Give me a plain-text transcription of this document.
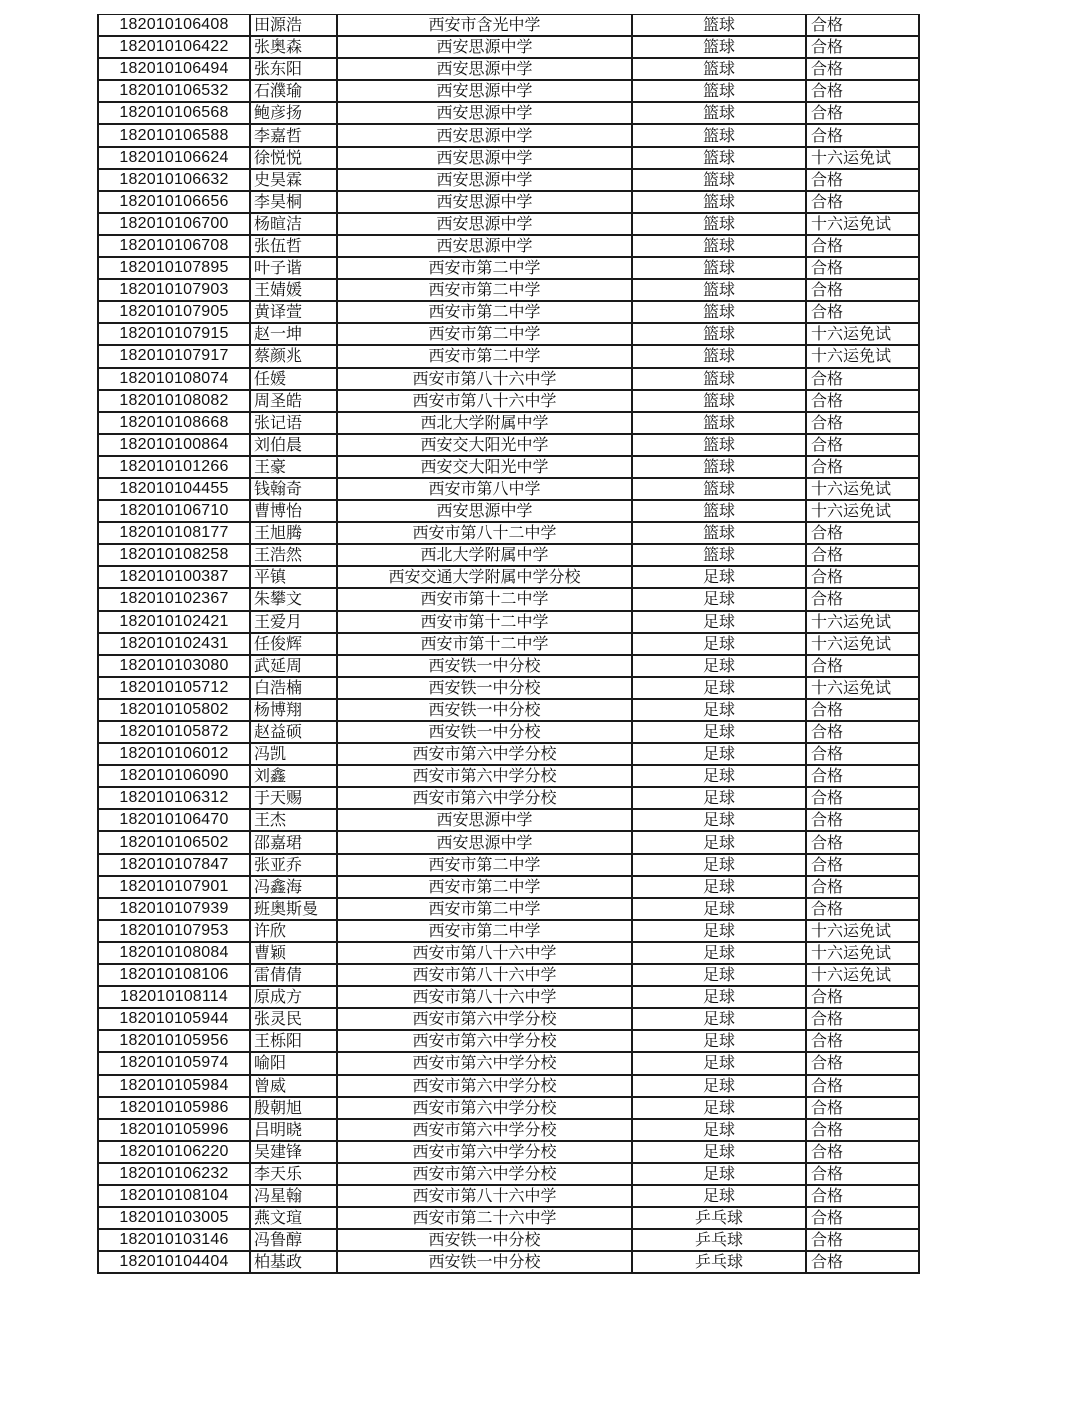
182010106408	田源浩	西安市含光中学	篮球	合格
182010106422	张奥森	西安思源中学	篮球	合格
182010106494	张东阳	西安思源中学	篮球	合格
182010106532	石濮瑜	西安思源中学	篮球	合格
182010106568	鲍彦扬	西安思源中学	篮球	合格
182010106588	李嘉哲	西安思源中学	篮球	合格
182010106624	徐悦悦	西安思源中学	篮球	十六运免试
182010106632	史昊霖	西安思源中学	篮球	合格
182010106656	李昊桐	西安思源中学	篮球	合格
182010106700	杨暄洁	西安思源中学	篮球	十六运免试
182010106708	张伍哲	西安思源中学	篮球	合格
182010107895	叶子谐	西安市第二中学	篮球	合格
182010107903	王婧媛	西安市第二中学	篮球	合格
182010107905	黄译萱	西安市第二中学	篮球	合格
182010107915	赵一坤	西安市第二中学	篮球	十六运免试
182010107917	蔡颜兆	西安市第二中学	篮球	十六运免试
182010108074	任媛	西安市第八十六中学	篮球	合格
182010108082	周圣皓	西安市第八十六中学	篮球	合格
182010108668	张记语	西北大学附属中学	篮球	合格
182010100864	刘伯晨	西安交大阳光中学	篮球	合格
182010101266	王豪	西安交大阳光中学	篮球	合格
182010104455	钱翰奇	西安市第八中学	篮球	十六运免试
182010106710	曹博怡	西安思源中学	篮球	十六运免试
182010108177	王旭腾	西安市第八十二中学	篮球	合格
182010108258	王浩然	西北大学附属中学	篮球	合格
182010100387	平镇	西安交通大学附属中学分校	足球	合格
182010102367	朱攀文	西安市第十二中学	足球	合格
182010102421	王爱月	西安市第十二中学	足球	十六运免试
182010102431	任俊辉	西安市第十二中学	足球	十六运免试
182010103080	武延周	西安铁一中分校	足球	合格
182010105712	白浩楠	西安铁一中分校	足球	十六运免试
182010105802	杨博翔	西安铁一中分校	足球	合格
182010105872	赵益硕	西安铁一中分校	足球	合格
182010106012	冯凯	西安市第六中学分校	足球	合格
182010106090	刘鑫	西安市第六中学分校	足球	合格
182010106312	于天赐	西安市第六中学分校	足球	合格
182010106470	王杰	西安思源中学	足球	合格
182010106502	邵嘉珺	西安思源中学	足球	合格
182010107847	张亚乔	西安市第二中学	足球	合格
182010107901	冯鑫海	西安市第二中学	足球	合格
182010107939	班奥斯曼	西安市第二中学	足球	合格
182010107953	许欣	西安市第二中学	足球	十六运免试
182010108084	曹颖	西安市第八十六中学	足球	十六运免试
182010108106	雷倩倩	西安市第八十六中学	足球	十六运免试
182010108114	原成方	西安市第八十六中学	足球	合格
182010105944	张灵民	西安市第六中学分校	足球	合格
182010105956	王栎阳	西安市第六中学分校	足球	合格
182010105974	喻阳	西安市第六中学分校	足球	合格
182010105984	曾威	西安市第六中学分校	足球	合格
182010105986	殷朝旭	西安市第六中学分校	足球	合格
182010105996	吕明晓	西安市第六中学分校	足球	合格
182010106220	吴建锋	西安市第六中学分校	足球	合格
182010106232	李天乐	西安市第六中学分校	足球	合格
182010108104	冯星翰	西安市第八十六中学	足球	合格
182010103005	燕文瑄	西安市第二十六中学	乒乓球	合格
182010103146	冯鲁醇	西安铁一中分校	乒乓球	合格
182010104404	柏基政	西安铁一中分校	乒乓球	合格
